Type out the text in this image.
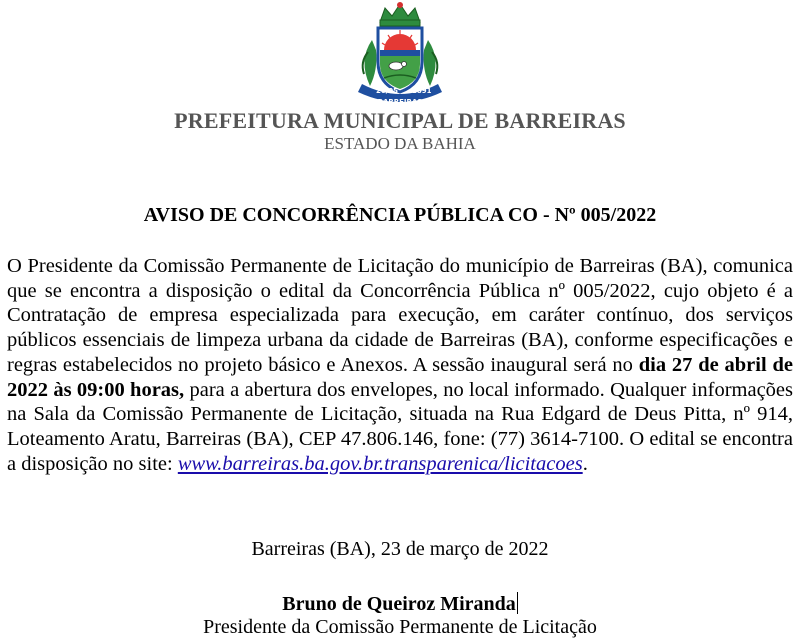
26/05 1891
BARREIRAS
PREFEITURA MUNICIPAL DE BARREIRAS
ESTADO DA BAHIA
AVISO DE CONCORRÊNCIA PÚBLICA CO - Nº 005/2022
O Presidente da Comissão Permanente de Licitação do município de Barreiras (BA), comunica que se encontra a disposição o edital da Concorrência Pública nº 005/2022, cujo objeto é a Contratação de empresa especializada para execução, em caráter contínuo, dos serviços públicos essenciais de limpeza urbana da cidade de Barreiras (BA), conforme especificações e regras estabelecidos no projeto básico e Anexos. A sessão inaugural será no dia 27 de abril de 2022 às 09:00 horas, para a abertura dos envelopes, no local informado. Qualquer informações na Sala da Comissão Permanente de Licitação, situada na Rua Edgard de Deus Pitta, nº 914, Loteamento Aratu, Barreiras (BA), CEP 47.806.146, fone: (77) 3614-7100. O edital se encontra a disposição no site: www.barreiras.ba.gov.br.transparenica/licitacoes.
Barreiras (BA), 23 de março de 2022
Bruno de Queiroz Miranda
Presidente da Comissão Permanente de Licitação
